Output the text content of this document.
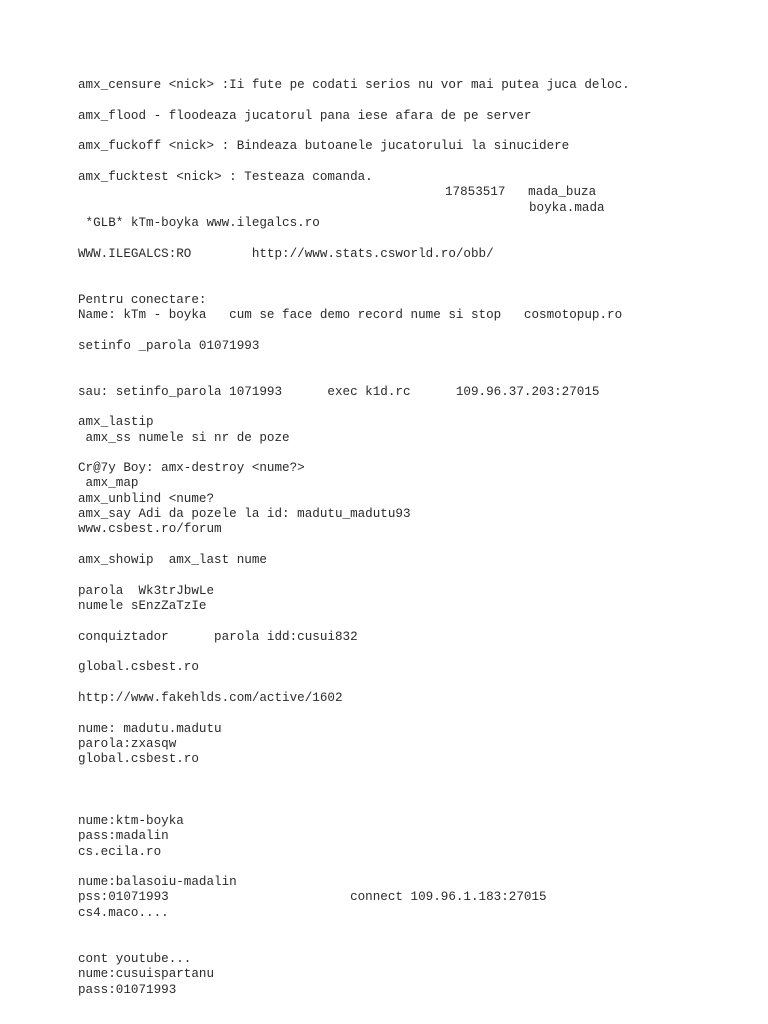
amx_censure <nick> :Ii fute pe codati serios nu vor mai putea juca deloc.
amx_flood - floodeaza jucatorul pana iese afara de pe server
amx_fuckoff <nick> : Bindeaza butoanele jucatorului la sinucidere
amx_fucktest <nick> : Testeaza comanda.
17853517   mada_buza
boyka.mada
*GLB* kTm-boyka www.ilegalcs.ro
WWW.ILEGALCS:RO        http://www.stats.csworld.ro/obb/
Pentru conectare:
Name: kTm - boyka   cum se face demo record nume si stop   cosmotopup.ro
setinfo _parola 01071993
sau: setinfo_parola 1071993      exec k1d.rc      109.96.37.203:27015
amx_lastip
amx_ss numele si nr de poze
Cr@7y Boy: amx-destroy <nume?>
amx_map
amx_unblind <nume?
amx_say Adi da pozele la id: madutu_madutu93
www.csbest.ro/forum
amx_showip  amx_last nume
parola  Wk3trJbwLe
numele sEnzZaTzIe
conquiztador      parola idd:cusui832
global.csbest.ro
http://www.fakehlds.com/active/1602
nume: madutu.madutu
parola:zxasqw
global.csbest.ro
nume:ktm-boyka
pass:madalin
cs.ecila.ro
nume:balasoiu-madalin
pss:01071993                        connect 109.96.1.183:27015
cs4.maco....
cont youtube...
nume:cusuispartanu
pass:01071993
